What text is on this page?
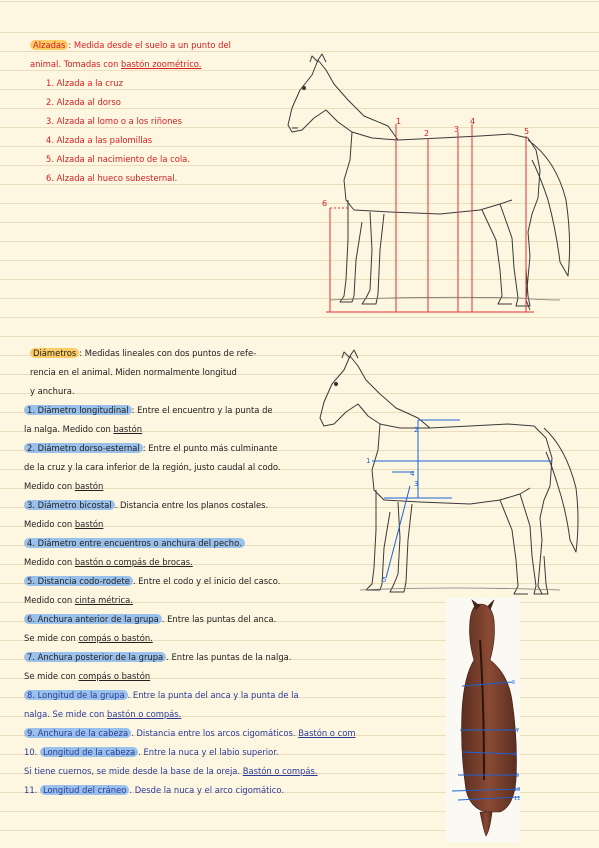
Alzadas : Medida desde el suelo a un punto del
animal. Tomadas con bastón zoométrico.
1. Alzada a la cruz
2. Alzada al dorso
3. Alzada al lomo o a los riñones
4. Alzada a las palomillas
5. Alzada al nacimiento de la cola.
6. Alzada al hueco subesternal.
1
2	3
4
5
6
Diámetros : Medidas lineales con dos puntos de refe-
rencia en el animal. Miden normalmente longitud
y anchura.
1. Diámetro longitudinal : Entre el encuentro y la punta de
la nalga. Medido con bastón
2. Diámetro dorso-esternal : Entre el punto más culminante
de la cruz y la cara inferior de la región, justo caudal al codo.
Medido con bastón
3. Diámetro bicostal . Distancia entre los planos costales.
Medido con bastón
4. Diámetro entre encuentros o anchura del pecho.
Medido con bastón o compás de brocas.
5. Distancia codo-rodete . Entre el codo y el inicio del casco.
Medido con cinta métrica.
6. Anchura anterior de la grupa . Entre las puntas del anca.
Se mide con compás o bastón.
7. Anchura posterior de la grupa . Entre las puntas de la nalga.
Se mide con compás o bastón
8. Longitud de la grupa . Entre la punta del anca y la punta de la
nalga. Se mide con bastón o compás.
9. Anchura de la cabeza . Distancia entre los arcos cigomáticos. Bastón o com
10. Longitud de la cabeza . Entre la nuca y el labio superior.
Si tiene cuernos, se mide desde la base de la oreja. Bastón o compás.
11. Longitud del cráneo . Desde la nuca y el arco cigomático.
1
2
3
4
5
6
7
8
9
10
11
